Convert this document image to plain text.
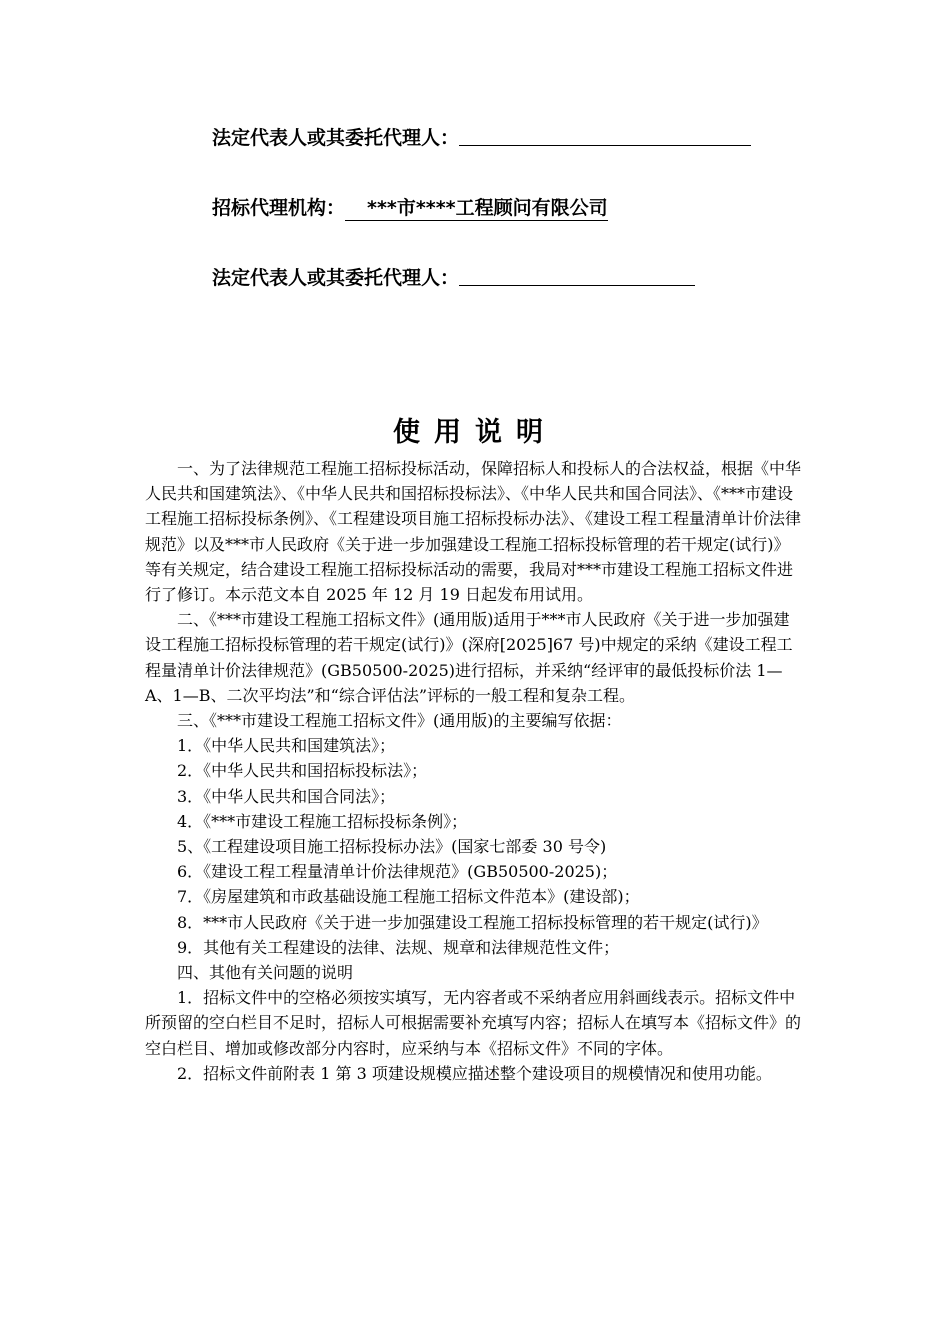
法定代表人或其委托代理人：
招标代理机构： ***市****工程顾问有限公司
法定代表人或其委托代理人：
使用说明

一、为了法律规范工程施工招标投标活动，保障招标人和投标人的合法权益，根据《中华人民共和国建筑法》、《中华人民共和国招标投标法》、《中华人民共和国合同法》、《***市建设工程施工招标投标条例》、《工程建设项目施工招标投标办法》、《建设工程工程量清单计价法律规范》以及***市人民政府《关于进一步加强建设工程施工招标投标管理的若干规定(试行)》等有关规定，结合建设工程施工招标投标活动的需要，我局对***市建设工程施工招标文件进行了修订。本示范文本自 2025 年 12 月 19 日起发布用试用。

二、《***市建设工程施工招标文件》(通用版)适用于***市人民政府《关于进一步加强建设工程施工招标投标管理的若干规定(试行)》(深府[2025]67 号)中规定的采纳《建设工程工程量清单计价法律规范》(GB50500-2025)进行招标，并采纳“经评审的最低投标价法 1—A、1—B、二次平均法”和“综合评估法”评标的一般工程和复杂工程。

三、《***市建设工程施工招标文件》(通用版)的主要编写依据：

1．《中华人民共和国建筑法》；

2．《中华人民共和国招标投标法》；

3．《中华人民共和国合同法》；

4．《***市建设工程施工招标投标条例》；

5、《工程建设项目施工招标投标办法》(国家七部委 30 号令)

6．《建设工程工程量清单计价法律规范》(GB50500-2025)；

7．《房屋建筑和市政基础设施工程施工招标文件范本》(建设部)；

8．***市人民政府《关于进一步加强建设工程施工招标投标管理的若干规定(试行)》

9．其他有关工程建设的法律、法规、规章和法律规范性文件；

四、其他有关问题的说明

1．招标文件中的空格必须按实填写，无内容者或不采纳者应用斜画线表示。招标文件中所预留的空白栏目不足时，招标人可根据需要补充填写内容；招标人在填写本《招标文件》的空白栏目、增加或修改部分内容时，应采纳与本《招标文件》不同的字体。

2．招标文件前附表 1 第 3 项建设规模应描述整个建设项目的规模情况和使用功能。
